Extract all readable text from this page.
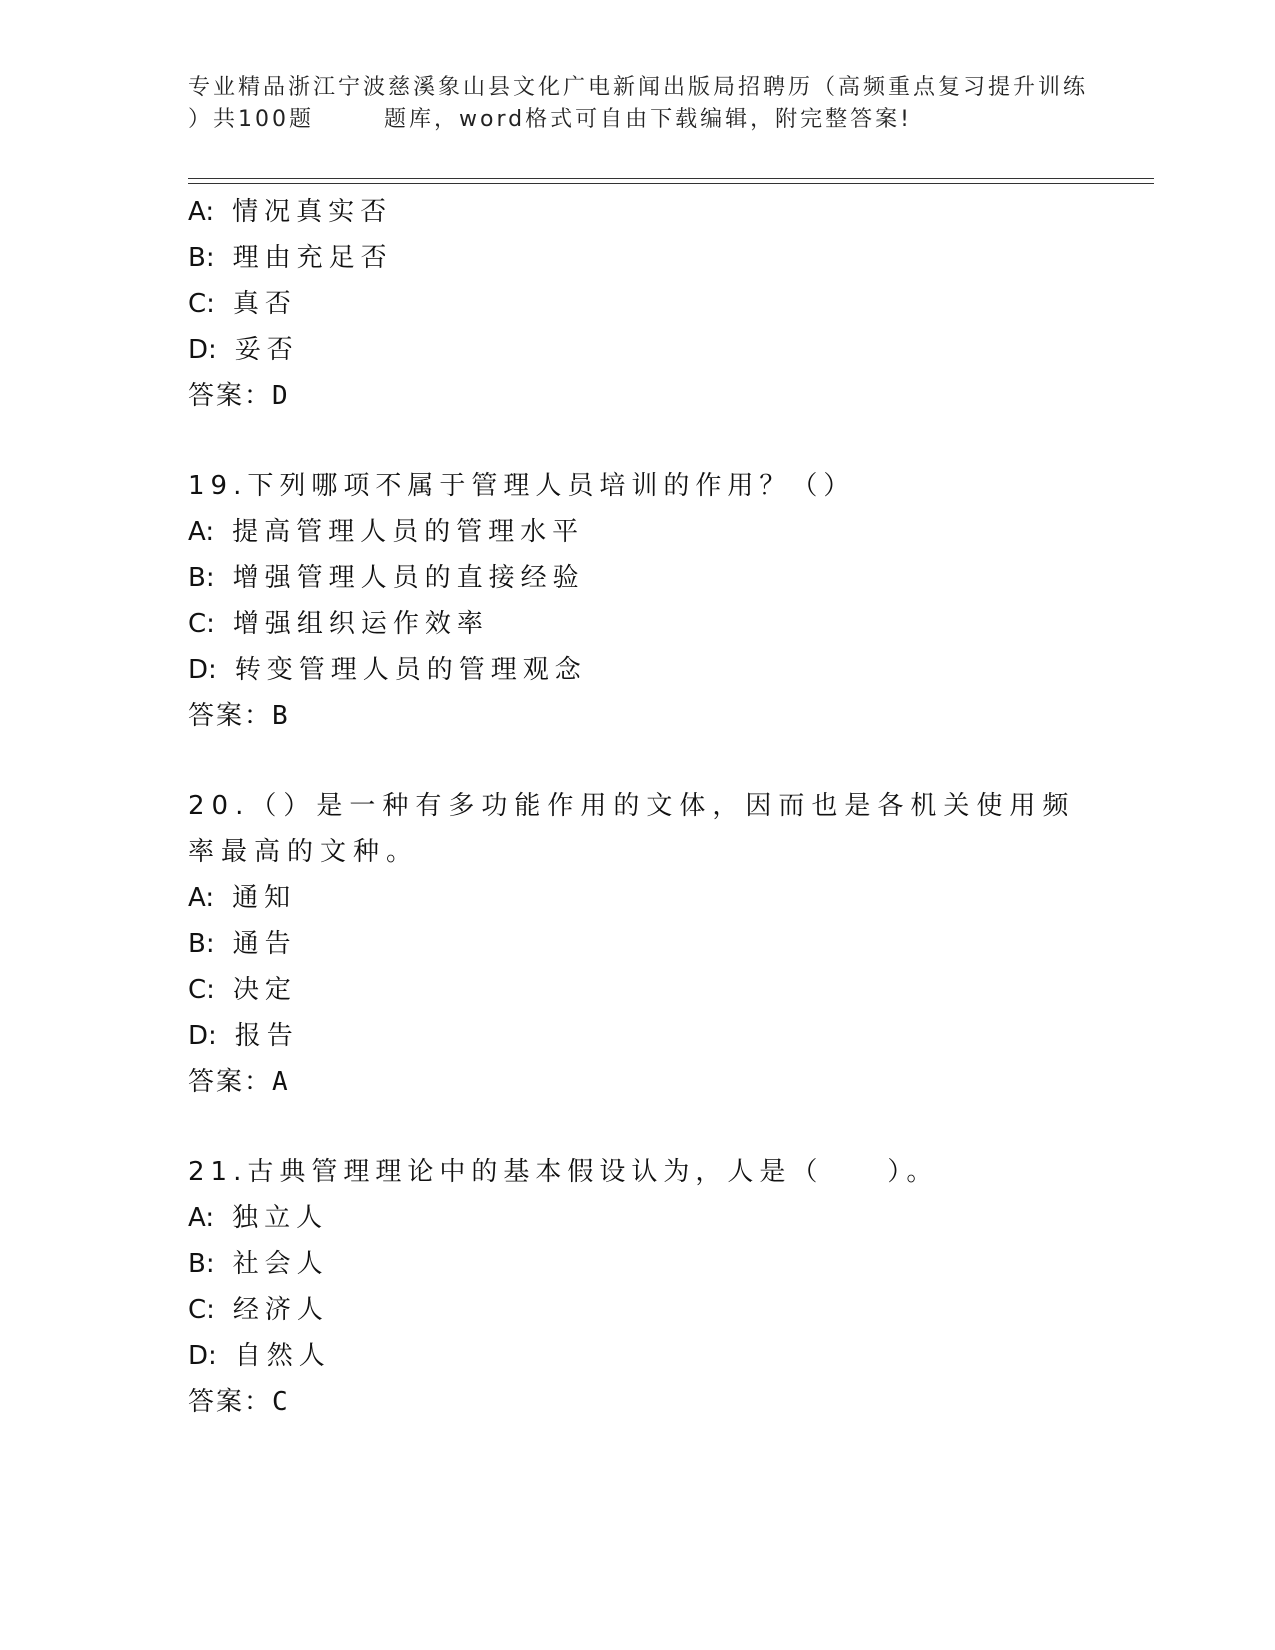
专业精品浙江宁波慈溪象山县文化广电新闻出版局招聘历（高频重点复习提升训练
）共100题	题库，word格式可自由下载编辑，附完整答案!
A: 情况真实否
B: 理由充足否
C: 真否
D: 妥否
答案：D
19.下列哪项不属于管理人员培训的作用？（）
A: 提高管理人员的管理水平
B: 增强管理人员的直接经验
C: 增强组织运作效率
D: 转变管理人员的管理观念
答案：B
20.（）是一种有多功能作用的文体，因而也是各机关使用频率最高的文种。
A: 通知
B: 通告
C: 决定
D: 报告
答案：A
21.古典管理理论中的基本假设认为，人是（　　）。
A: 独立人
B: 社会人
C: 经济人
D: 自然人
答案：C
